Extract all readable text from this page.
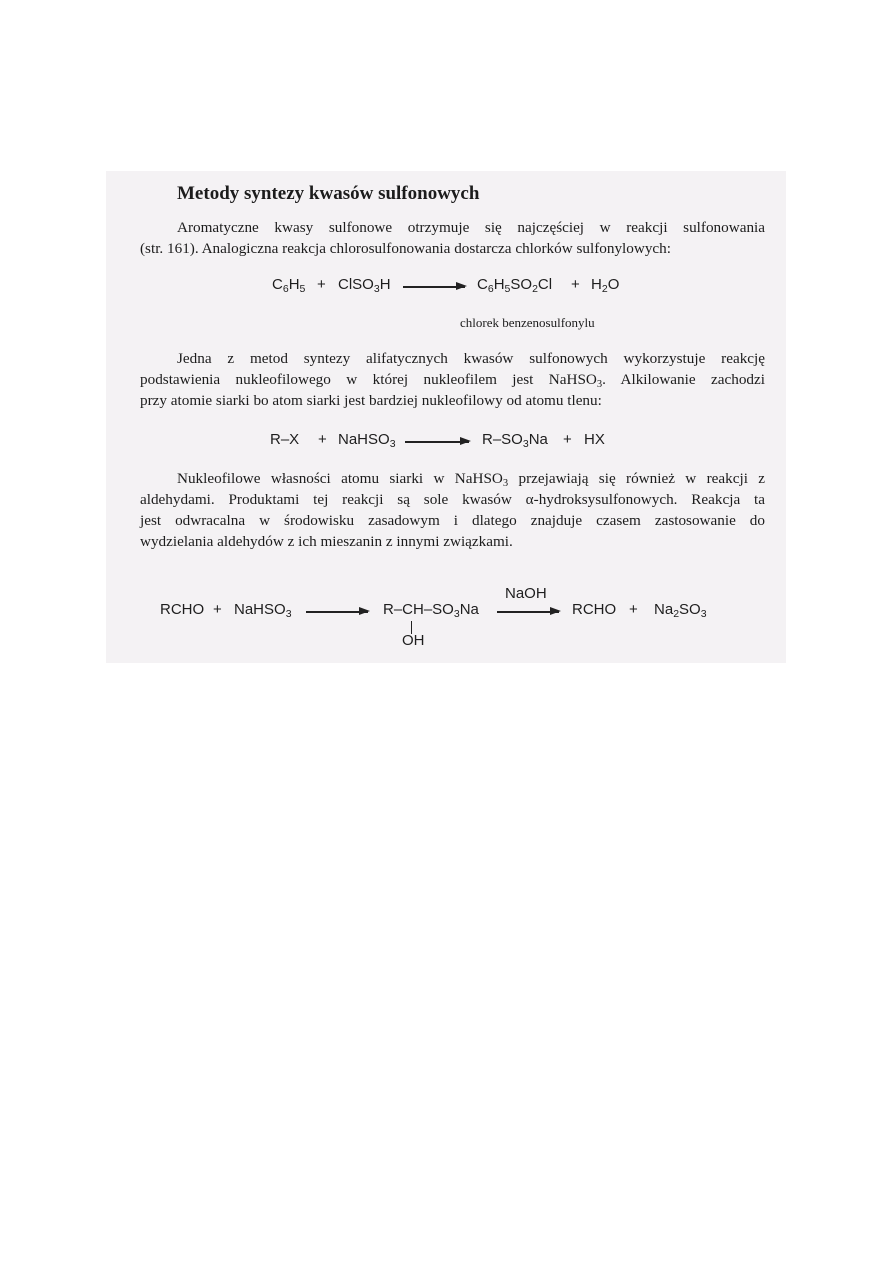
Metody syntezy kwasów sulfonowych
Aromatyczne kwasy sulfonowe otrzymuje się najczęściej w reakcji sulfonowania
(str. 161). Analogiczna reakcja chlorosulfonowania dostarcza chlorków sulfonylowych:
$C_6H_5$ + ClSO$_3$H → $C_6H_5SO_2Cl + H_2O$
chlorek benzenosulfonylu
Jedna z metod syntezy alifatycznych kwasów sulfonowych wykorzystuje reakcję
podstawienia nukleofilowego w której nukleofilem jest NaHSO$_3$. Alkilowanie zachodzi
przy atomie siarki bo atom siarki jest bardziej nukleofilowy od atomu tlenu:
R–X + NaHSO$_3$ → $R-SO_3Na$ + HX
Nukleofilowe własności atomu siarki w NaHSO$_3$ przejawiają się również w reakcji z
aldehydami. Produktami tej reakcji są sole kwasów α-hydroksysulfonowych. Reakcja ta
jest odwracalna w środowisku zasadowym i dlatego znajduje czasem zastosowanie do
wydzielania aldehydów z ich mieszanin z innymi związkami.
RCHO + NaHSO$_3$ → $R-CH-SO_3Na$
OH
NaOH
→ RCHO + $Na_2SO_3$
